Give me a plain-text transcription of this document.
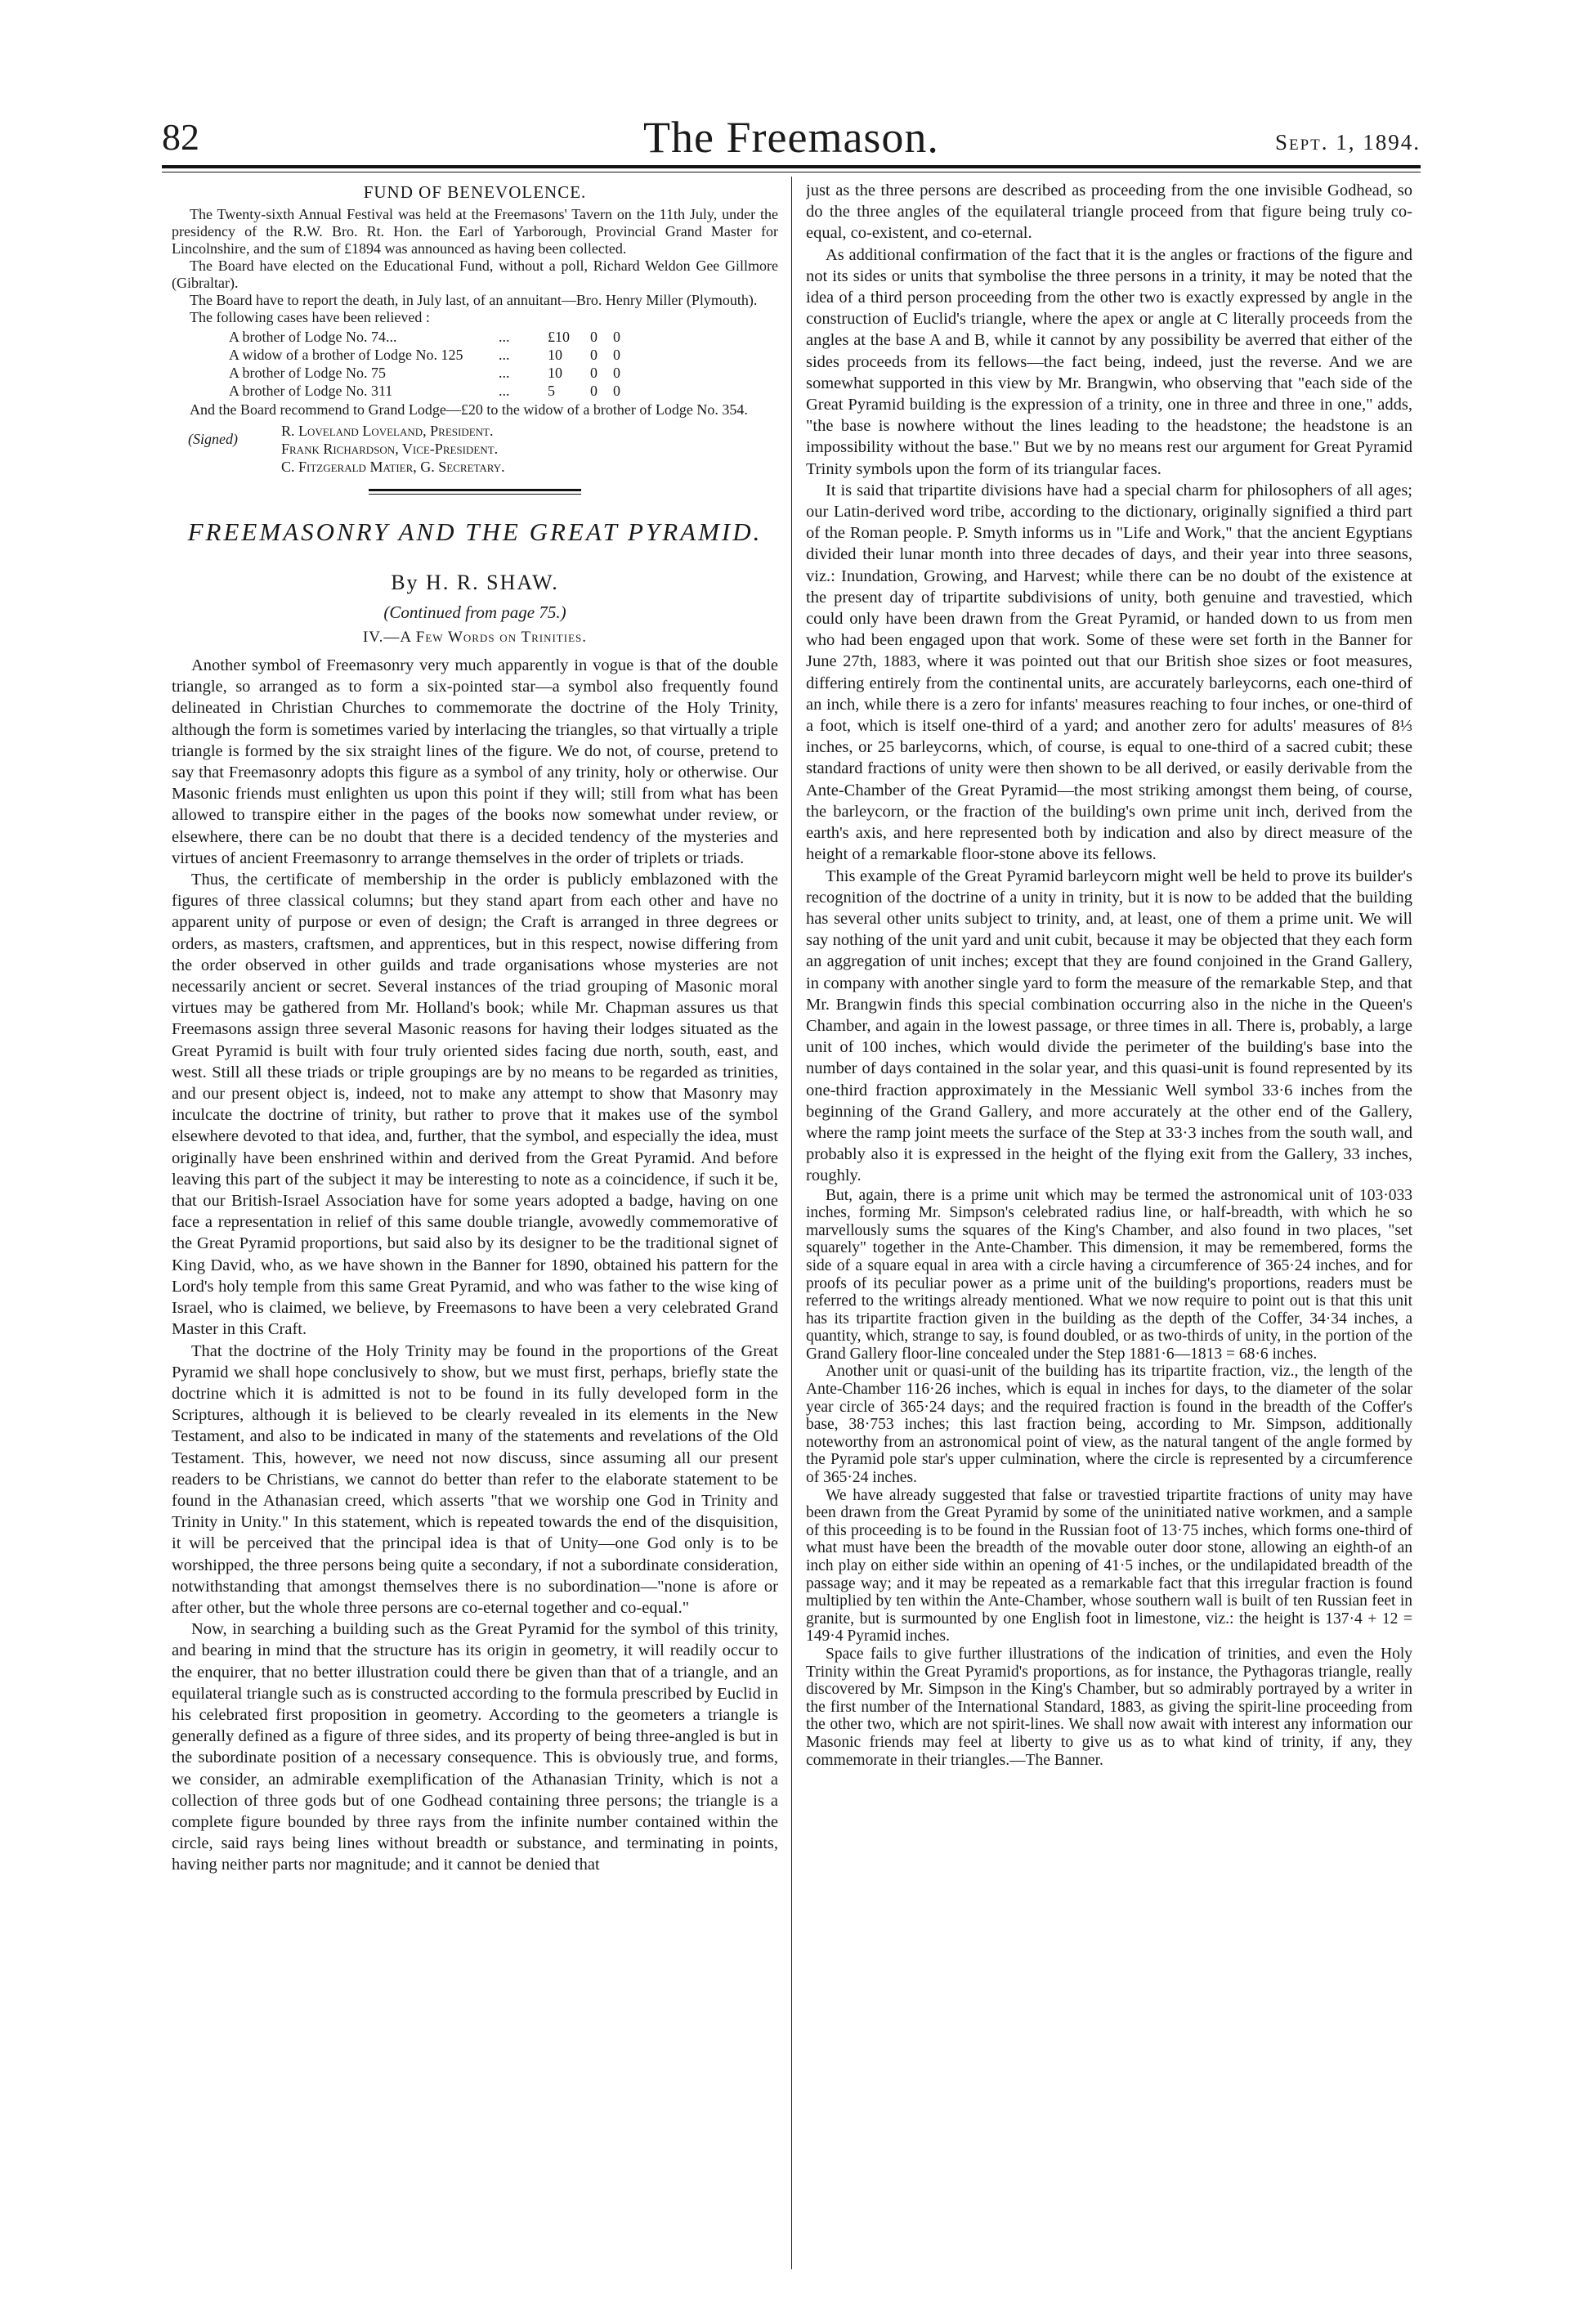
82	The Freemason.	Sept. 1, 1894.
FUND OF BENEVOLENCE.

The Twenty-sixth Annual Festival was held at the Freemasons' Tavern on the 11th July, under the presidency of the R.W. Bro. Rt. Hon. the Earl of Yarborough, Provincial Grand Master for Lincolnshire, and the sum of £1894 was announced as having been collected.

The Board have elected on the Educational Fund, without a poll, Richard Weldon Gee Gillmore (Gibraltar).

The Board have to report the death, in July last, of an annuitant—Bro. Henry Miller (Plymouth).

The following cases have been relieved :

A brother of Lodge No. 74...	...	£10 0 0
A widow of a brother of Lodge No. 125	...	10 0 0
A brother of Lodge No. 75	...	10 0 0
A brother of Lodge No. 311	...	5 0 0

And the Board recommend to Grand Lodge—£20 to the widow of a brother of Lodge No. 354.

(Signed)	R. Loveland Loveland, President.
Frank Richardson, Vice-President.
C. Fitzgerald Matier, G. Secretary.
FREEMASONRY AND THE GREAT PYRAMID.
By H. R. SHAW.
(Continued from page 75.)
IV.—A Few Words on Trinities.

Another symbol of Freemasonry very much apparently in vogue is that of the double triangle, so arranged as to form a six-pointed star—a symbol also frequently found delineated in Christian Churches to commemorate the doctrine of the Holy Trinity, although the form is sometimes varied by interlacing the triangles, so that virtually a triple triangle is formed by the six straight lines of the figure. We do not, of course, pretend to say that Freemasonry adopts this figure as a symbol of any trinity, holy or otherwise. Our Masonic friends must enlighten us upon this point if they will; still from what has been allowed to transpire either in the pages of the books now somewhat under review, or elsewhere, there can be no doubt that there is a decided tendency of the mysteries and virtues of ancient Freemasonry to arrange themselves in the order of triplets or triads.

Thus, the certificate of membership in the order is publicly emblazoned with the figures of three classical columns; but they stand apart from each other and have no apparent unity of purpose or even of design; the Craft is arranged in three degrees or orders, as masters, craftsmen, and apprentices, but in this respect, nowise differing from the order observed in other guilds and trade organisations whose mysteries are not necessarily ancient or secret. Several instances of the triad grouping of Masonic moral virtues may be gathered from Mr. Holland's book; while Mr. Chapman assures us that Freemasons assign three several Masonic reasons for having their lodges situated as the Great Pyramid is built with four truly oriented sides facing due north, south, east, and west. Still all these triads or triple groupings are by no means to be regarded as trinities, and our present object is, indeed, not to make any attempt to show that Masonry may inculcate the doctrine of trinity, but rather to prove that it makes use of the symbol elsewhere devoted to that idea, and, further, that the symbol, and especially the idea, must originally have been enshrined within and derived from the Great Pyramid. And before leaving this part of the subject it may be interesting to note as a coincidence, if such it be, that our British-Israel Association have for some years adopted a badge, having on one face a representation in relief of this same double triangle, avowedly commemorative of the Great Pyramid proportions, but said also by its designer to be the traditional signet of King David, who, as we have shown in the Banner for 1890, obtained his pattern for the Lord's holy temple from this same Great Pyramid, and who was father to the wise king of Israel, who is claimed, we believe, by Freemasons to have been a very celebrated Grand Master in this Craft.

That the doctrine of the Holy Trinity may be found in the proportions of the Great Pyramid we shall hope conclusively to show, but we must first, perhaps, briefly state the doctrine which it is admitted is not to be found in its fully developed form in the Scriptures, although it is believed to be clearly revealed in its elements in the New Testament, and also to be indicated in many of the statements and revelations of the Old Testament. This, however, we need not now discuss, since assuming all our present readers to be Christians, we cannot do better than refer to the elaborate statement to be found in the Athanasian creed, which asserts "that we worship one God in Trinity and Trinity in Unity." In this statement, which is repeated towards the end of the disquisition, it will be perceived that the principal idea is that of Unity—one God only is to be worshipped, the three persons being quite a secondary, if not a subordinate consideration, notwithstanding that amongst themselves there is no subordination—"none is afore or after other, but the whole three persons are co-eternal together and co-equal."

Now, in searching a building such as the Great Pyramid for the symbol of this trinity, and bearing in mind that the structure has its origin in geometry, it will readily occur to the enquirer, that no better illustration could there be given than that of a triangle, and an equilateral triangle such as is constructed according to the formula prescribed by Euclid in his celebrated first proposition in geometry. According to the geometers a triangle is generally defined as a figure of three sides, and its property of being three-angled is but in the subordinate position of a necessary consequence. This is obviously true, and forms, we consider, an admirable exemplification of the Athanasian Trinity, which is not a collection of three gods but of one Godhead containing three persons; the triangle is a complete figure bounded by three rays from the infinite number contained within the circle, said rays being lines without breadth or substance, and terminating in points, having neither parts nor magnitude; and it cannot be denied that

just as the three persons are described as proceeding from the one invisible Godhead, so do the three angles of the equilateral triangle proceed from that figure being truly co-equal, co-existent, and co-eternal.

As additional confirmation of the fact that it is the angles or fractions of the figure and not its sides or units that symbolise the three persons in a trinity, it may be noted that the idea of a third person proceeding from the other two is exactly expressed by angle in the construction of Euclid's triangle, where the apex or angle at C literally proceeds from the angles at the base A and B, while it cannot by any possibility be averred that either of the sides proceeds from its fellows—the fact being, indeed, just the reverse. And we are somewhat supported in this view by Mr. Brangwin, who observing that "each side of the Great Pyramid building is the expression of a trinity, one in three and three in one," adds, "the base is nowhere without the lines leading to the headstone; the headstone is an impossibility without the base." But we by no means rest our argument for Great Pyramid Trinity symbols upon the form of its triangular faces.

It is said that tripartite divisions have had a special charm for philosophers of all ages; our Latin-derived word tribe, according to the dictionary, originally signified a third part of the Roman people. P. Smyth informs us in "Life and Work," that the ancient Egyptians divided their lunar month into three decades of days, and their year into three seasons, viz.: Inundation, Growing, and Harvest; while there can be no doubt of the existence at the present day of tripartite subdivisions of unity, both genuine and travestied, which could only have been drawn from the Great Pyramid, or handed down to us from men who had been engaged upon that work. Some of these were set forth in the Banner for June 27th, 1883, where it was pointed out that our British shoe sizes or foot measures, differing entirely from the continental units, are accurately barleycorns, each one-third of an inch, while there is a zero for infants' measures reaching to four inches, or one-third of a foot, which is itself one-third of a yard; and another zero for adults' measures of 8⅓ inches, or 25 barleycorns, which, of course, is equal to one-third of a sacred cubit; these standard fractions of unity were then shown to be all derived, or easily derivable from the Ante-Chamber of the Great Pyramid—the most striking amongst them being, of course, the barleycorn, or the fraction of the building's own prime unit inch, derived from the earth's axis, and here represented both by indication and also by direct measure of the height of a remarkable floor-stone above its fellows.

This example of the Great Pyramid barleycorn might well be held to prove its builder's recognition of the doctrine of a unity in trinity, but it is now to be added that the building has several other units subject to trinity, and, at least, one of them a prime unit. We will say nothing of the unit yard and unit cubit, because it may be objected that they each form an aggregation of unit inches; except that they are found conjoined in the Grand Gallery, in company with another single yard to form the measure of the remarkable Step, and that Mr. Brangwin finds this special combination occurring also in the niche in the Queen's Chamber, and again in the lowest passage, or three times in all. There is, probably, a large unit of 100 inches, which would divide the perimeter of the building's base into the number of days contained in the solar year, and this quasi-unit is found represented by its one-third fraction approximately in the Messianic Well symbol 33·6 inches from the beginning of the Grand Gallery, and more accurately at the other end of the Gallery, where the ramp joint meets the surface of the Step at 33·3 inches from the south wall, and probably also it is expressed in the height of the flying exit from the Gallery, 33 inches, roughly.

But, again, there is a prime unit which may be termed the astronomical unit of 103·033 inches, forming Mr. Simpson's celebrated radius line, or half-breadth, with which he so marvellously sums the squares of the King's Chamber, and also found in two places, "set squarely" together in the Ante-Chamber. This dimension, it may be remembered, forms the side of a square equal in area with a circle having a circumference of 365·24 inches, and for proofs of its peculiar power as a prime unit of the building's proportions, readers must be referred to the writings already mentioned. What we now require to point out is that this unit has its tripartite fraction given in the building as the depth of the Coffer, 34·34 inches, a quantity, which, strange to say, is found doubled, or as two-thirds of unity, in the portion of the Grand Gallery floor-line concealed under the Step 1881·6—1813 = 68·6 inches.

Another unit or quasi-unit of the building has its tripartite fraction, viz., the length of the Ante-Chamber 116·26 inches, which is equal in inches for days, to the diameter of the solar year circle of 365·24 days; and the required fraction is found in the breadth of the Coffer's base, 38·753 inches; this last fraction being, according to Mr. Simpson, additionally noteworthy from an astronomical point of view, as the natural tangent of the angle formed by the Pyramid pole star's upper culmination, where the circle is represented by a circumference of 365·24 inches.

We have already suggested that false or travestied tripartite fractions of unity may have been drawn from the Great Pyramid by some of the uninitiated native workmen, and a sample of this proceeding is to be found in the Russian foot of 13·75 inches, which forms one-third of what must have been the breadth of the movable outer door stone, allowing an eighth-of an inch play on either side within an opening of 41·5 inches, or the undilapidated breadth of the passage way; and it may be repeated as a remarkable fact that this irregular fraction is found multiplied by ten within the Ante-Chamber, whose southern wall is built of ten Russian feet in granite, but is surmounted by one English foot in limestone, viz.: the height is 137·4 + 12 = 149·4 Pyramid inches.

Space fails to give further illustrations of the indication of trinities, and even the Holy Trinity within the Great Pyramid's proportions, as for instance, the Pythagoras triangle, really discovered by Mr. Simpson in the King's Chamber, but so admirably portrayed by a writer in the first number of the International Standard, 1883, as giving the spirit-line proceeding from the other two, which are not spirit-lines. We shall now await with interest any information our Masonic friends may feel at liberty to give us as to what kind of trinity, if any, they commemorate in their triangles.—The Banner.
